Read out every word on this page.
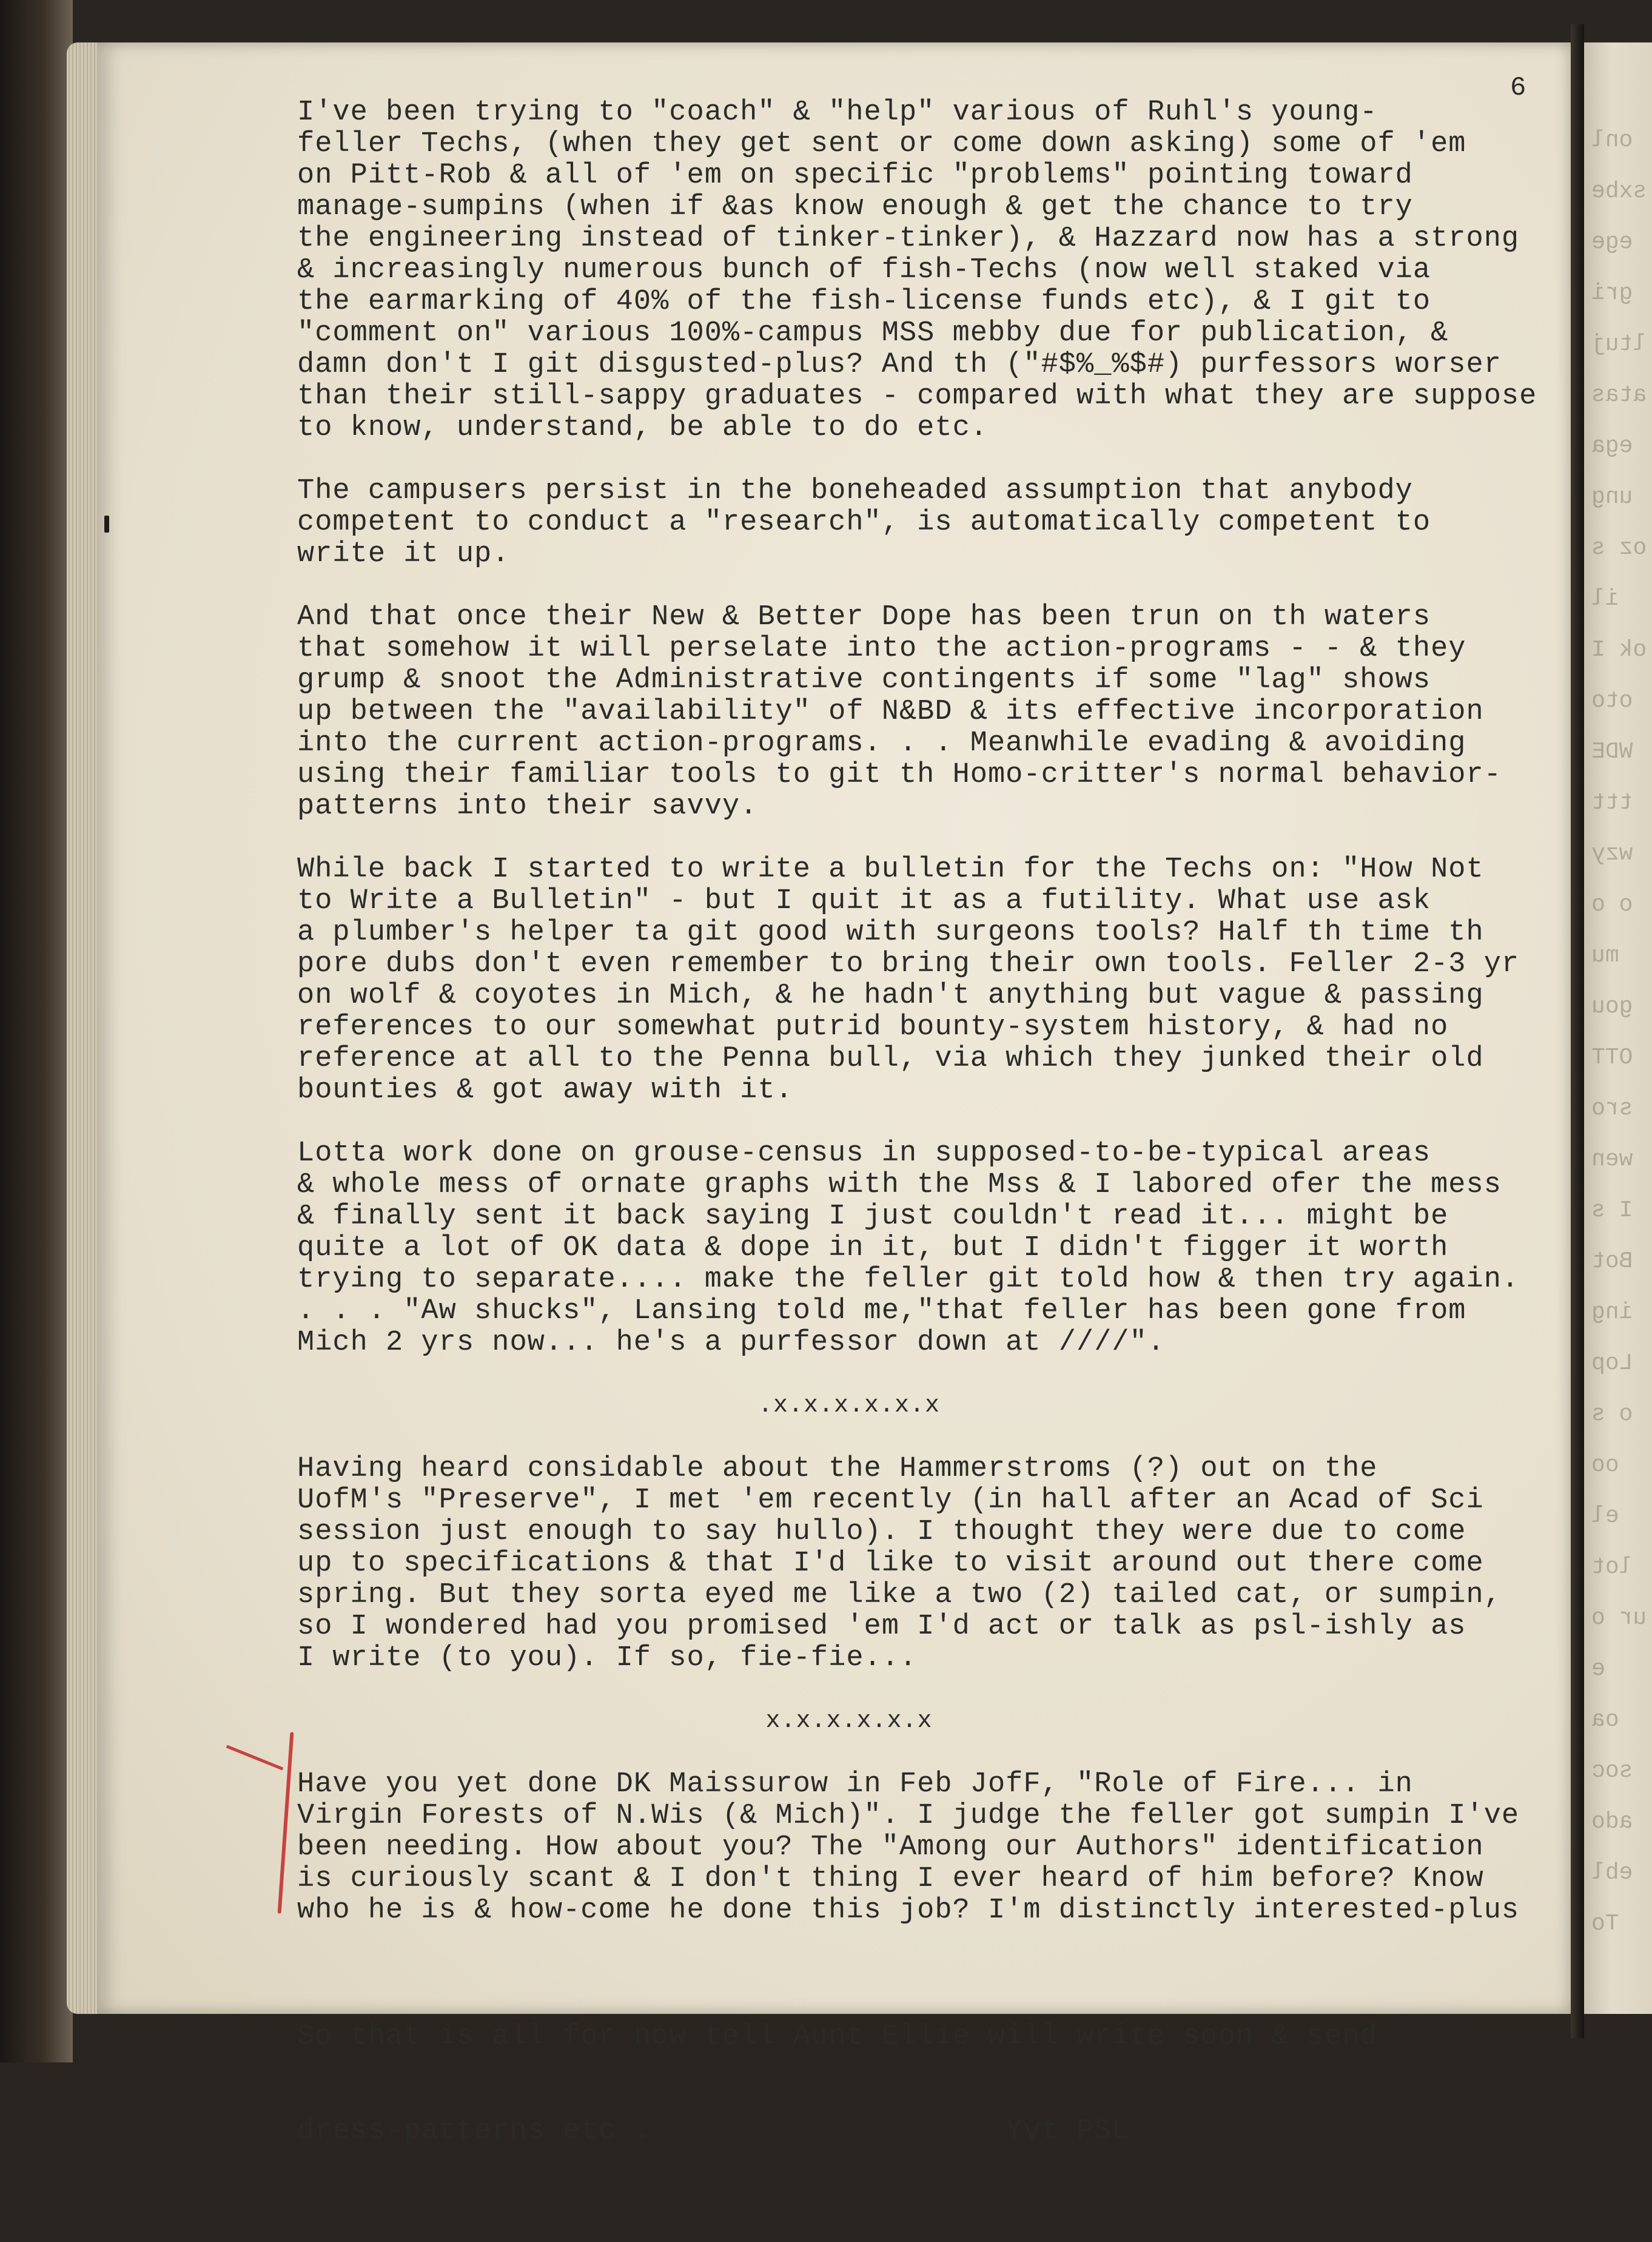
onl
sxbe
ege
gri
ltuj
atas
ega
ung
oz s
il
ok I
oto
WDE
ttt
wzy
o o
mu
gou
OTT
sro
wen
I s
Bot
ing
Lop
o s
oo
el
lot
ur o
e
oa
soc
ado
ebl
To
6
I've been trying to "coach" & "help" various of Ruhl's young-
feller Techs, (when they get sent or come down asking) some of 'em
on Pitt-Rob & all of 'em on specific "problems" pointing toward
manage-sumpins (when if &as know enough & get the chance to try
the engineering instead of tinker-tinker), & Hazzard now has a strong
& increasingly numerous bunch of fish-Techs (now well staked via
the earmarking of 40% of the fish-license funds etc), & I git to
"comment on" various 100%-campus MSS mebby due for publication, &
damn don't I git disgusted-plus? And th ("#$%_%$#) purfessors worser
than their still-sappy graduates - compared with what they are suppose
to know, understand, be able to do etc.
The campusers persist in the boneheaded assumption that anybody
competent to conduct a "research", is automatically competent to
write it up.
And that once their New & Better Dope has been trun on th waters
that somehow it will perselate into the action-programs - - & they
grump & snoot the Administrative contingents if some "lag" shows
up between the "availability" of N&BD & its effective incorporation
into the current action-programs. . . Meanwhile evading & avoiding
using their familiar tools to git th Homo-critter's normal behavior-
patterns into their savvy.
While back I started to write a bulletin for the Techs on: "How Not
to Write a Bulletin" - but I quit it as a futility. What use ask
a plumber's helper ta git good with surgeons tools? Half th time th
pore dubs don't even remember to bring their own tools. Feller 2-3 yr
on wolf & coyotes in Mich, & he hadn't anything but vague & passing
references to our somewhat putrid bounty-system history, & had no
reference at all to the Penna bull, via which they junked their old
bounties & got away with it.
Lotta work done on grouse-census in supposed-to-be-typical areas
& whole mess of ornate graphs with the Mss & I labored ofer the mess
& finally sent it back saying I just couldn't read it... might be
quite a lot of OK data & dope in it, but I didn't figger it worth
trying to separate.... make the feller git told how & then try again.
. . . "Aw shucks", Lansing told me,"that feller has been gone from
Mich 2 yrs now... he's a purfessor down at ////".
.x.x.x.x.x.x
Having heard considable about the Hammerstroms (?) out on the
UofM's "Preserve", I met 'em recently (in hall after an Acad of Sci
session just enough to say hullo). I thought they were due to come
up to specifications & that I'd like to visit around out there come
spring. But they sorta eyed me like a two (2) tailed cat, or sumpin,
so I wondered had you promised 'em I'd act or talk as psl-ishly as
I write (to you). If so, fie-fie...
x.x.x.x.x.x
Have you yet done DK Maissurow in Feb JofF, "Role of Fire... in
Virgin Forests of N.Wis (& Mich)". I judge the feller got sumpin I've
been needing. How about you? The "Among our Authors" identification
is curiously scant & I don't thing I ever heard of him before? Know
who he is & how-come he done this job? I'm distinctly interested-plus

So that is all for now tell Aunt Ellie will write soon & send

dress-patterns etc .                    Yvt PSL
